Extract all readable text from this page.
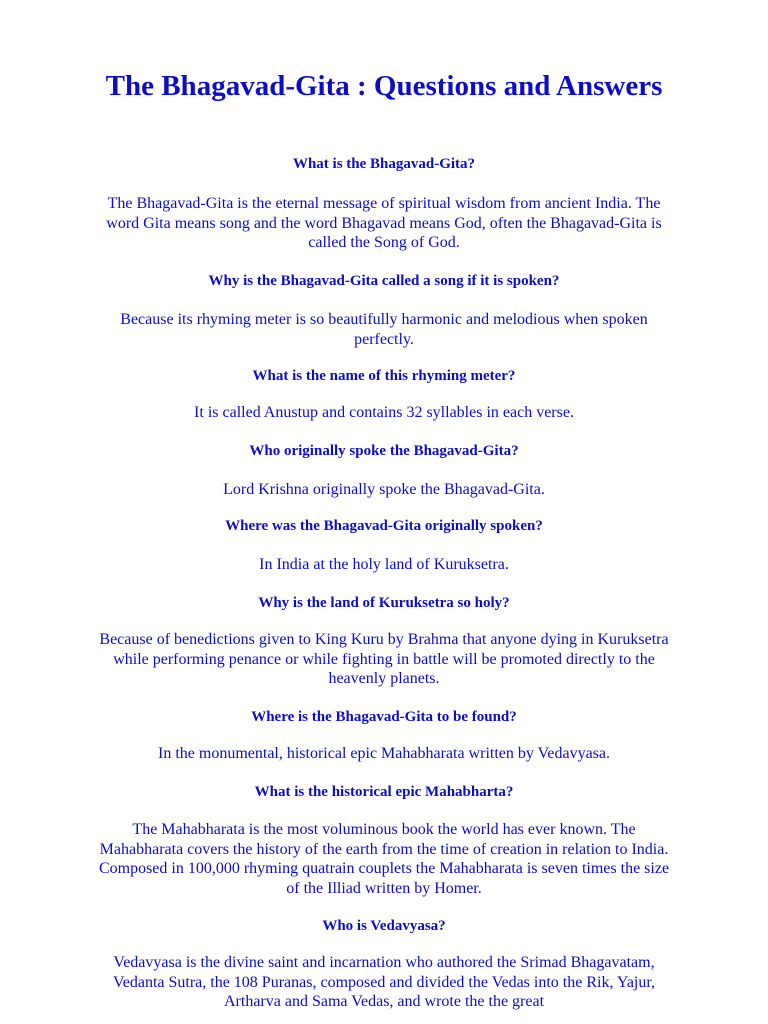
The Bhagavad-Gita : Questions and Answers

What is the Bhagavad-Gita?

The Bhagavad-Gita is the eternal message of spiritual wisdom from ancient India. The word Gita means song and the word Bhagavad means God, often the Bhagavad-Gita is called the Song of God.

Why is the Bhagavad-Gita called a song if it is spoken?

Because its rhyming meter is so beautifully harmonic and melodious when spoken perfectly.

What is the name of this rhyming meter?

It is called Anustup and contains 32 syllables in each verse.

Who originally spoke the Bhagavad-Gita?

Lord Krishna originally spoke the Bhagavad-Gita.

Where was the Bhagavad-Gita originally spoken?

In India at the holy land of Kuruksetra.

Why is the land of Kuruksetra so holy?

Because of benedictions given to King Kuru by Brahma that anyone dying in Kuruksetra while performing penance or while fighting in battle will be promoted directly to the heavenly planets.

Where is the Bhagavad-Gita to be found?

In the monumental, historical epic Mahabharata written by Vedavyasa.

What is the historical epic Mahabharta?

The Mahabharata is the most voluminous book the world has ever known. The Mahabharata covers the history of the earth from the time of creation in relation to India. Composed in 100,000 rhyming quatrain couplets the Mahabharata is seven times the size of the Illiad written by Homer.

Who is Vedavyasa?

Vedavyasa is the divine saint and incarnation who authored the Srimad Bhagavatam, Vedanta Sutra, the 108 Puranas, composed and divided the Vedas into the Rik, Yajur, Artharva and Sama Vedas, and wrote the the great
